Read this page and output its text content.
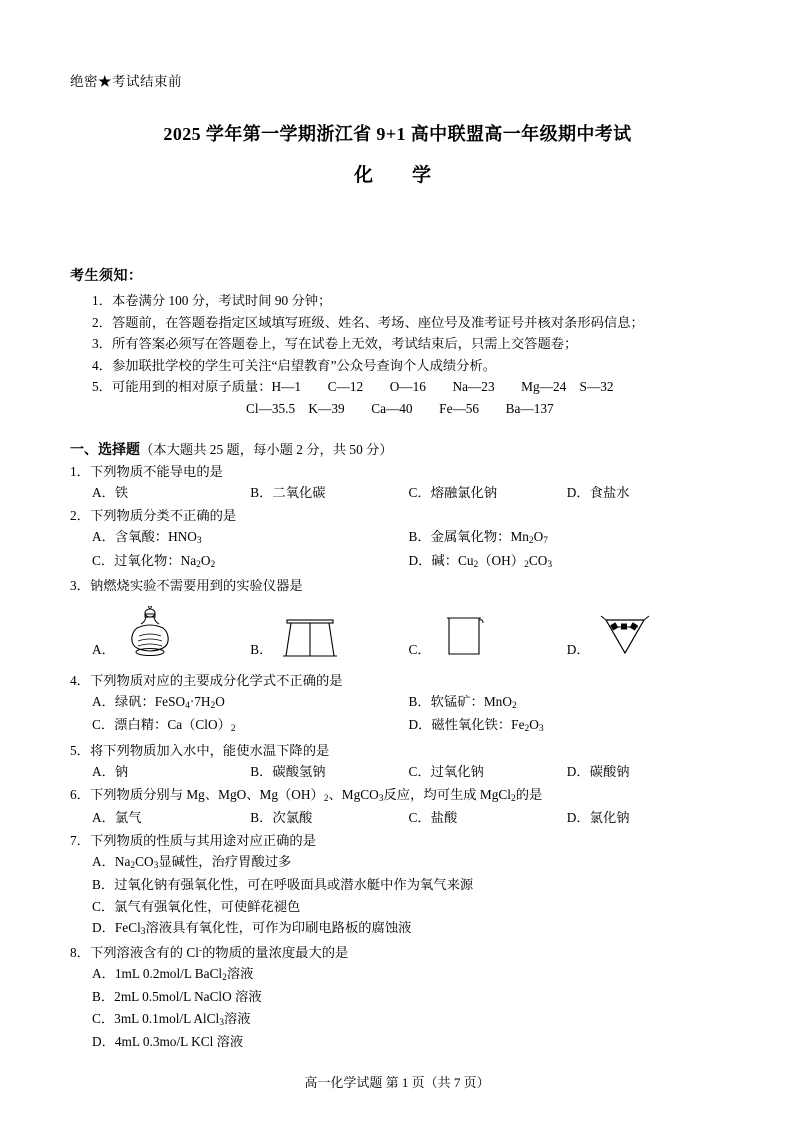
绝密★考试结束前
2025 学年第一学期浙江省 9+1 高中联盟高一年级期中考试
化　学
考生须知：
1．本卷满分 100 分，考试时间 90 分钟；
2．答题前，在答题卷指定区域填写班级、姓名、考场、座位号及准考证号并核对条形码信息；
3．所有答案必须写在答题卷上，写在试卷上无效，考试结束后，只需上交答题卷；
4．参加联批学校的学生可关注“启望教育”公众号查询个人成绩分析。
5．可能用到的相对原子质量：H—1　　C—12　　O—16　　Na—23　　Mg—24　S—32
Cl—35.5　K—39　　Ca—40　　Fe—56　　Ba—137
一、选择题（本大题共 25 题，每小题 2 分，共 50 分）
1．下列物质不能导电的是
A．铁	B．二氧化碳	C．熔融氯化钠	D．食盐水
2．下列物质分类不正确的是
A．含氧酸：$HNO_3$	B．金属氧化物：$Mn_2O_7$
C．过氧化物：$Na_2O_2$	D．碱：$Cu_2(OH)_2CO_3$
3．钠燃烧实验不需要用到的实验仪器是
A．	B．	C．	D．
4．下列物质对应的主要成分化学式不正确的是
A．绿矾：$FeSO_4\cdot 7H_2O$	B．软锰矿：MnO$_2$
C．漂白精：$Ca(ClO)_2$	D．磁性氧化铁：$Fe_2O_3$
5．将下列物质加入水中，能使水温下降的是
A．钠	B．碳酸氢钠	C．过氧化钠	D．碳酸钠
6．下列物质分别与 Mg、MgO、$Mg(OH)_2$、MgCO$_3$反应，均可生成 MgCl$_2$的是
A．氯气	B．次氯酸	C．盐酸	D．氯化钠
7．下列物质的性质与其用途对应正确的是
A．$Na_2CO_3$显碱性，治疗胃酸过多
B．过氧化钠有强氧化性，可在呼吸面具或潜水艇中作为氧气来源
C．氯气有强氧化性，可使鲜花褪色
D．FeCl$_3$溶液具有氧化性，可作为印刷电路板的腐蚀液
8．下列溶液含有的 Cl-的物质的量浓度最大的是
A．1mL 0.2mol/L BaCl$_2$溶液
B．2mL 0.5mol/L NaClO 溶液
C．3mL 0.1mol/L AlCl$_3$溶液
D．4mL 0.3mo/L KCl 溶液
高一化学试题 第 1 页（共 7 页）
